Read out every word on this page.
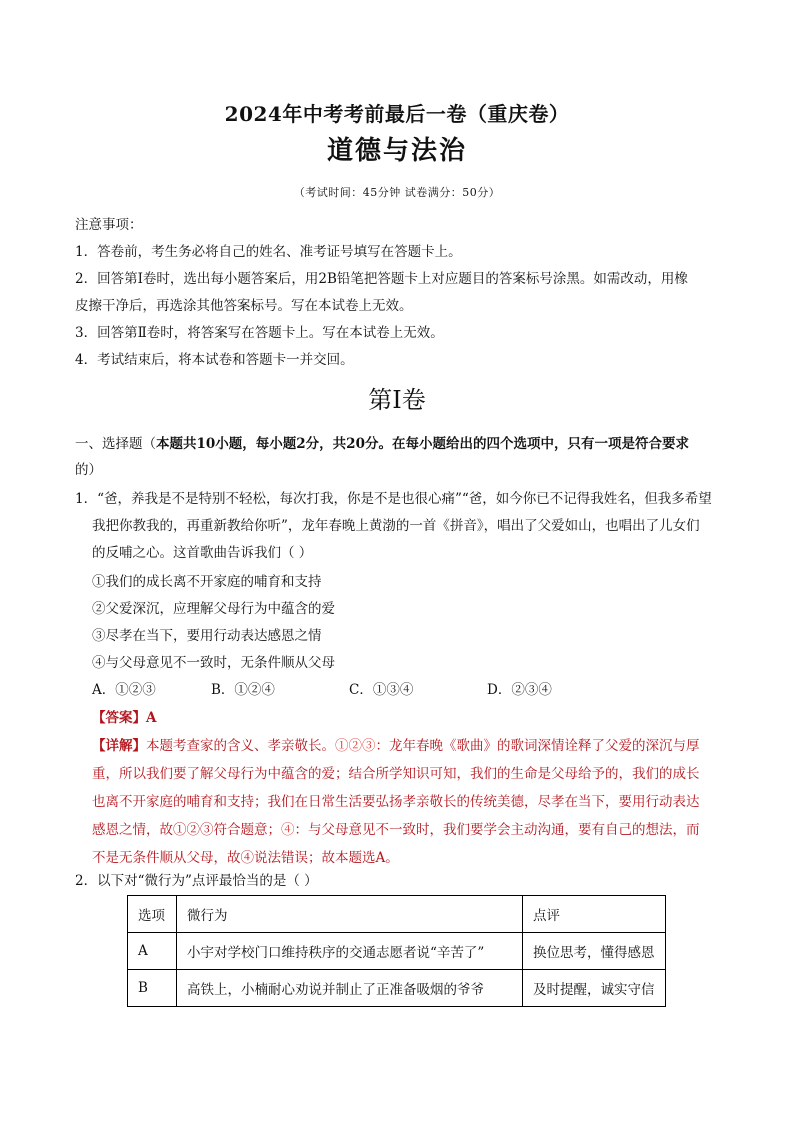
2024年中考考前最后一卷（重庆卷）
道德与法治
（考试时间：45分钟 试卷满分：50分）
注意事项：
1．答卷前，考生务必将自己的姓名、准考证号填写在答题卡上。
2．回答第Ⅰ卷时，选出每小题答案后，用2B铅笔把答题卡上对应题目的答案标号涂黑。如需改动，用橡
皮擦干净后，再选涂其他答案标号。写在本试卷上无效。
3．回答第Ⅱ卷时，将答案写在答题卡上。写在本试卷上无效。
4．考试结束后，将本试卷和答题卡一并交回。
第Ⅰ卷
一、选择题（本题共10小题，每小题2分，共20分。在每小题给出的四个选项中，只有一项是符合要求
的）
1．“爸，养我是不是特别不轻松，每次打我，你是不是也很心痛”“爸，如今你已不记得我姓名，但我多希望
我把你教我的，再重新教给你听”，龙年春晚上黄渤的一首《拼音》，唱出了父爱如山，也唱出了儿女们
的反哺之心。这首歌曲告诉我们（ ）
①我们的成长离不开家庭的哺育和支持
②父爱深沉，应理解父母行为中蕴含的爱
③尽孝在当下，要用行动表达感恩之情
④与父母意见不一致时，无条件顺从父母
A．①②③	B．①②④	C．①③④	D．②③④
【答案】A
【详解】本题考查家的含义、孝亲敬长。①②③：龙年春晚《歌曲》的歌词深情诠释了父爱的深沉与厚
重，所以我们要了解父母行为中蕴含的爱；结合所学知识可知，我们的生命是父母给予的，我们的成长
也离不开家庭的哺育和支持；我们在日常生活要弘扬孝亲敬长的传统美德，尽孝在当下，要用行动表达
感恩之情，故①②③符合题意；④：与父母意见不一致时，我们要学会主动沟通，要有自己的想法，而
不是无条件顺从父母，故④说法错误；故本题选A。
2．以下对“微行为”点评最恰当的是（ ）
选项	微行为	点评
A	小宇对学校门口维持秩序的交通志愿者说“辛苦了”	换位思考，懂得感恩
B	高铁上，小楠耐心劝说并制止了正准备吸烟的爷爷	及时提醒，诚实守信
